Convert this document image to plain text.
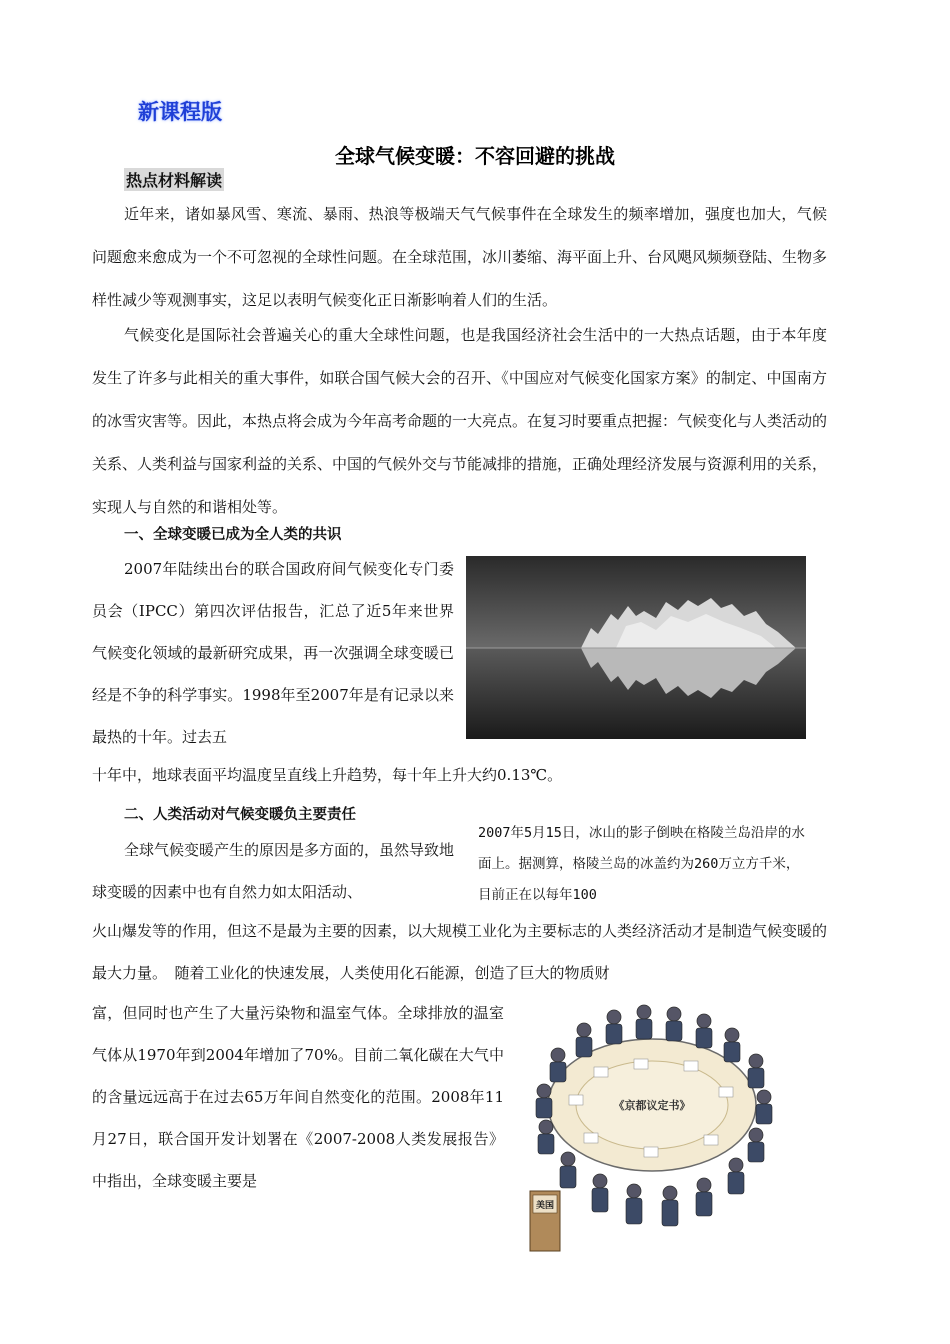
新课程版
全球气候变暖：不容回避的挑战
热点材料解读
近年来，诸如暴风雪、寒流、暴雨、热浪等极端天气气候事件在全球发生的频率增加，强度也加大，气候问题愈来愈成为一个不可忽视的全球性问题。在全球范围，冰川萎缩、海平面上升、台风飓风频频登陆、生物多样性减少等观测事实，这足以表明气候变化正日渐影响着人们的生活。
气候变化是国际社会普遍关心的重大全球性问题，也是我国经济社会生活中的一大热点话题，由于本年度发生了许多与此相关的重大事件，如联合国气候大会的召开、《中国应对气候变化国家方案》的制定、中国南方的冰雪灾害等。因此，本热点将会成为今年高考命题的一大亮点。在复习时要重点把握：气候变化与人类活动的关系、人类利益与国家利益的关系、中国的气候外交与节能减排的措施，正确处理经济发展与资源利用的关系，实现人与自然的和谐相处等。
一、全球变暖已成为全人类的共识
2007年陆续出台的联合国政府间气候变化专门委员会（IPCC）第四次评估报告，汇总了近5年来世界气候变化领域的最新研究成果，再一次强调全球变暖已经是不争的科学事实。1998年至2007年是有记录以来最热的十年。过去五
十年中，地球表面平均温度呈直线上升趋势，每十年上升大约0.13℃。
二、人类活动对气候变暖负主要责任
2007年5月15日，冰山的影子倒映在格陵兰岛沿岸的水面上。据测算，格陵兰岛的冰盖约为260万立方千米，目前正在以每年100
全球气候变暖产生的原因是多方面的，虽然导致地球变暖的因素中也有自然力如太阳活动、
火山爆发等的作用，但这不是最为主要的因素，以大规模工业化为主要标志的人类经济活动才是制造气候变暖的最大力量。　随着工业化的快速发展，人类使用化石能源，创造了巨大的物质财
富，但同时也产生了大量污染物和温室气体。全球排放的温室气体从1970年到2004年增加了70%。目前二氧化碳在大气中的含量远远高于在过去65万年间自然变化的范围。2008年11月27日，联合国开发计划署在《2007-2008人类发展报告》中指出，全球变暖主要是
《京都议定书》
美国
